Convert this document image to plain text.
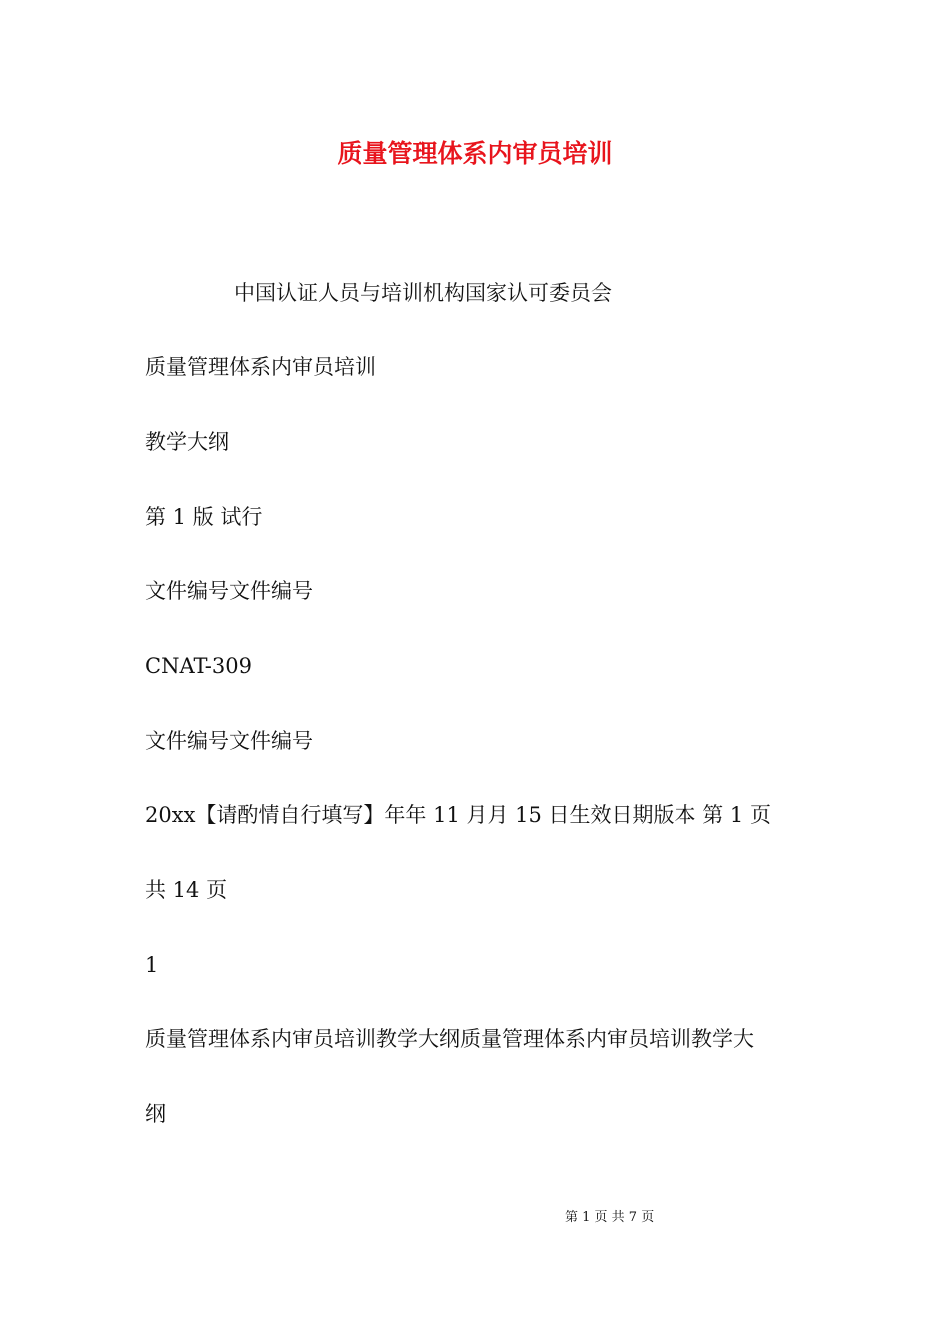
质量管理体系内审员培训

中国认证人员与培训机构国家认可委员会

质量管理体系内审员培训

教学大纲

第 1 版 试行

文件编号文件编号

CNAT-309

文件编号文件编号

20xx【请酌情自行填写】年年 11 月月 15 日生效日期版本 第 1 页

共 14 页

1

质量管理体系内审员培训教学大纲质量管理体系内审员培训教学大

纲

第 1 页 共 7 页
